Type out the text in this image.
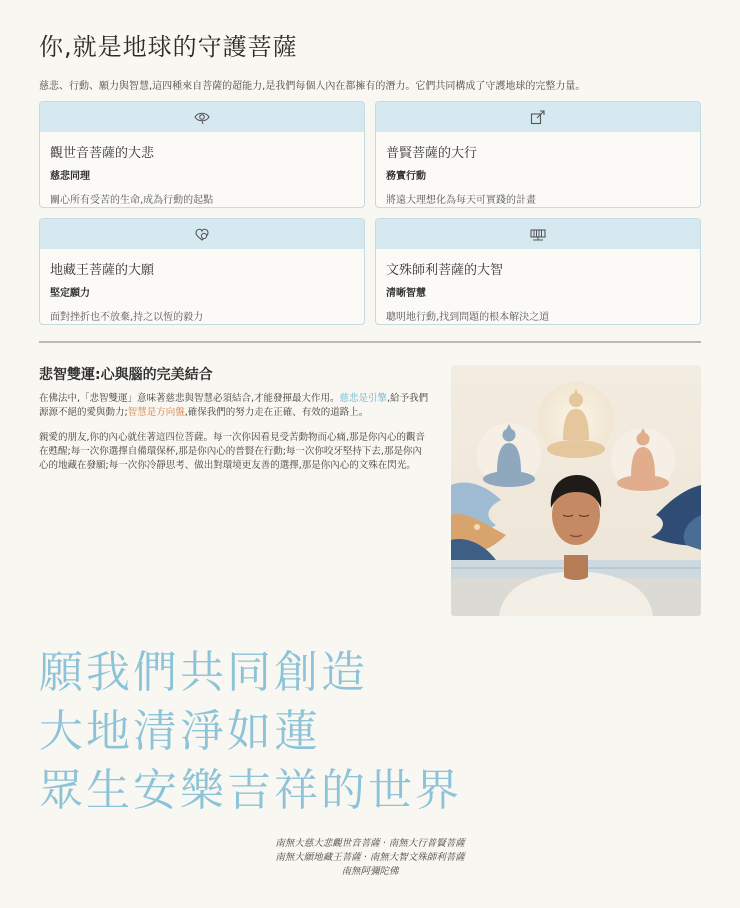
你,就是地球的守護菩薩

慈悲、行動、願力與智慧,這四種來自菩薩的超能力,是我們每個人內在都擁有的潛力。它們共同構成了守護地球的完整力量。

觀世音菩薩的大悲
慈悲同理
關心所有受苦的生命,成為行動的起點
普賢菩薩的大行
務實行動
將遠大理想化為每天可實踐的計畫
地藏王菩薩的大願
堅定願力
面對挫折也不放棄,持之以恆的毅力
文殊師利菩薩的大智
清晰智慧
聰明地行動,找到問題的根本解決之道
悲智雙運:心與腦的完美結合

在佛法中,「悲智雙運」意味著慈悲與智慧必須結合,才能發揮最大作用。慈悲是引擎,給予我們源源不絕的愛與動力;智慧是方向盤,確保我們的努力走在正確、有效的道路上。

親愛的朋友,你的內心就住著這四位菩薩。每一次你因看見受苦動物而心痛,那是你內心的觀音在甦醒;每一次你選擇自備環保杯,那是你內心的普賢在行動;每一次你咬牙堅持下去,那是你內心的地藏在發願;每一次你冷靜思考、做出對環境更友善的選擇,那是你內心的文殊在閃光。

願我們共同創造
大地清淨如蓮
眾生安樂吉祥的世界
南無大慈大悲觀世音菩薩 · 南無大行普賢菩薩
南無大願地藏王菩薩 · 南無大智文殊師利菩薩
南無阿彌陀佛
